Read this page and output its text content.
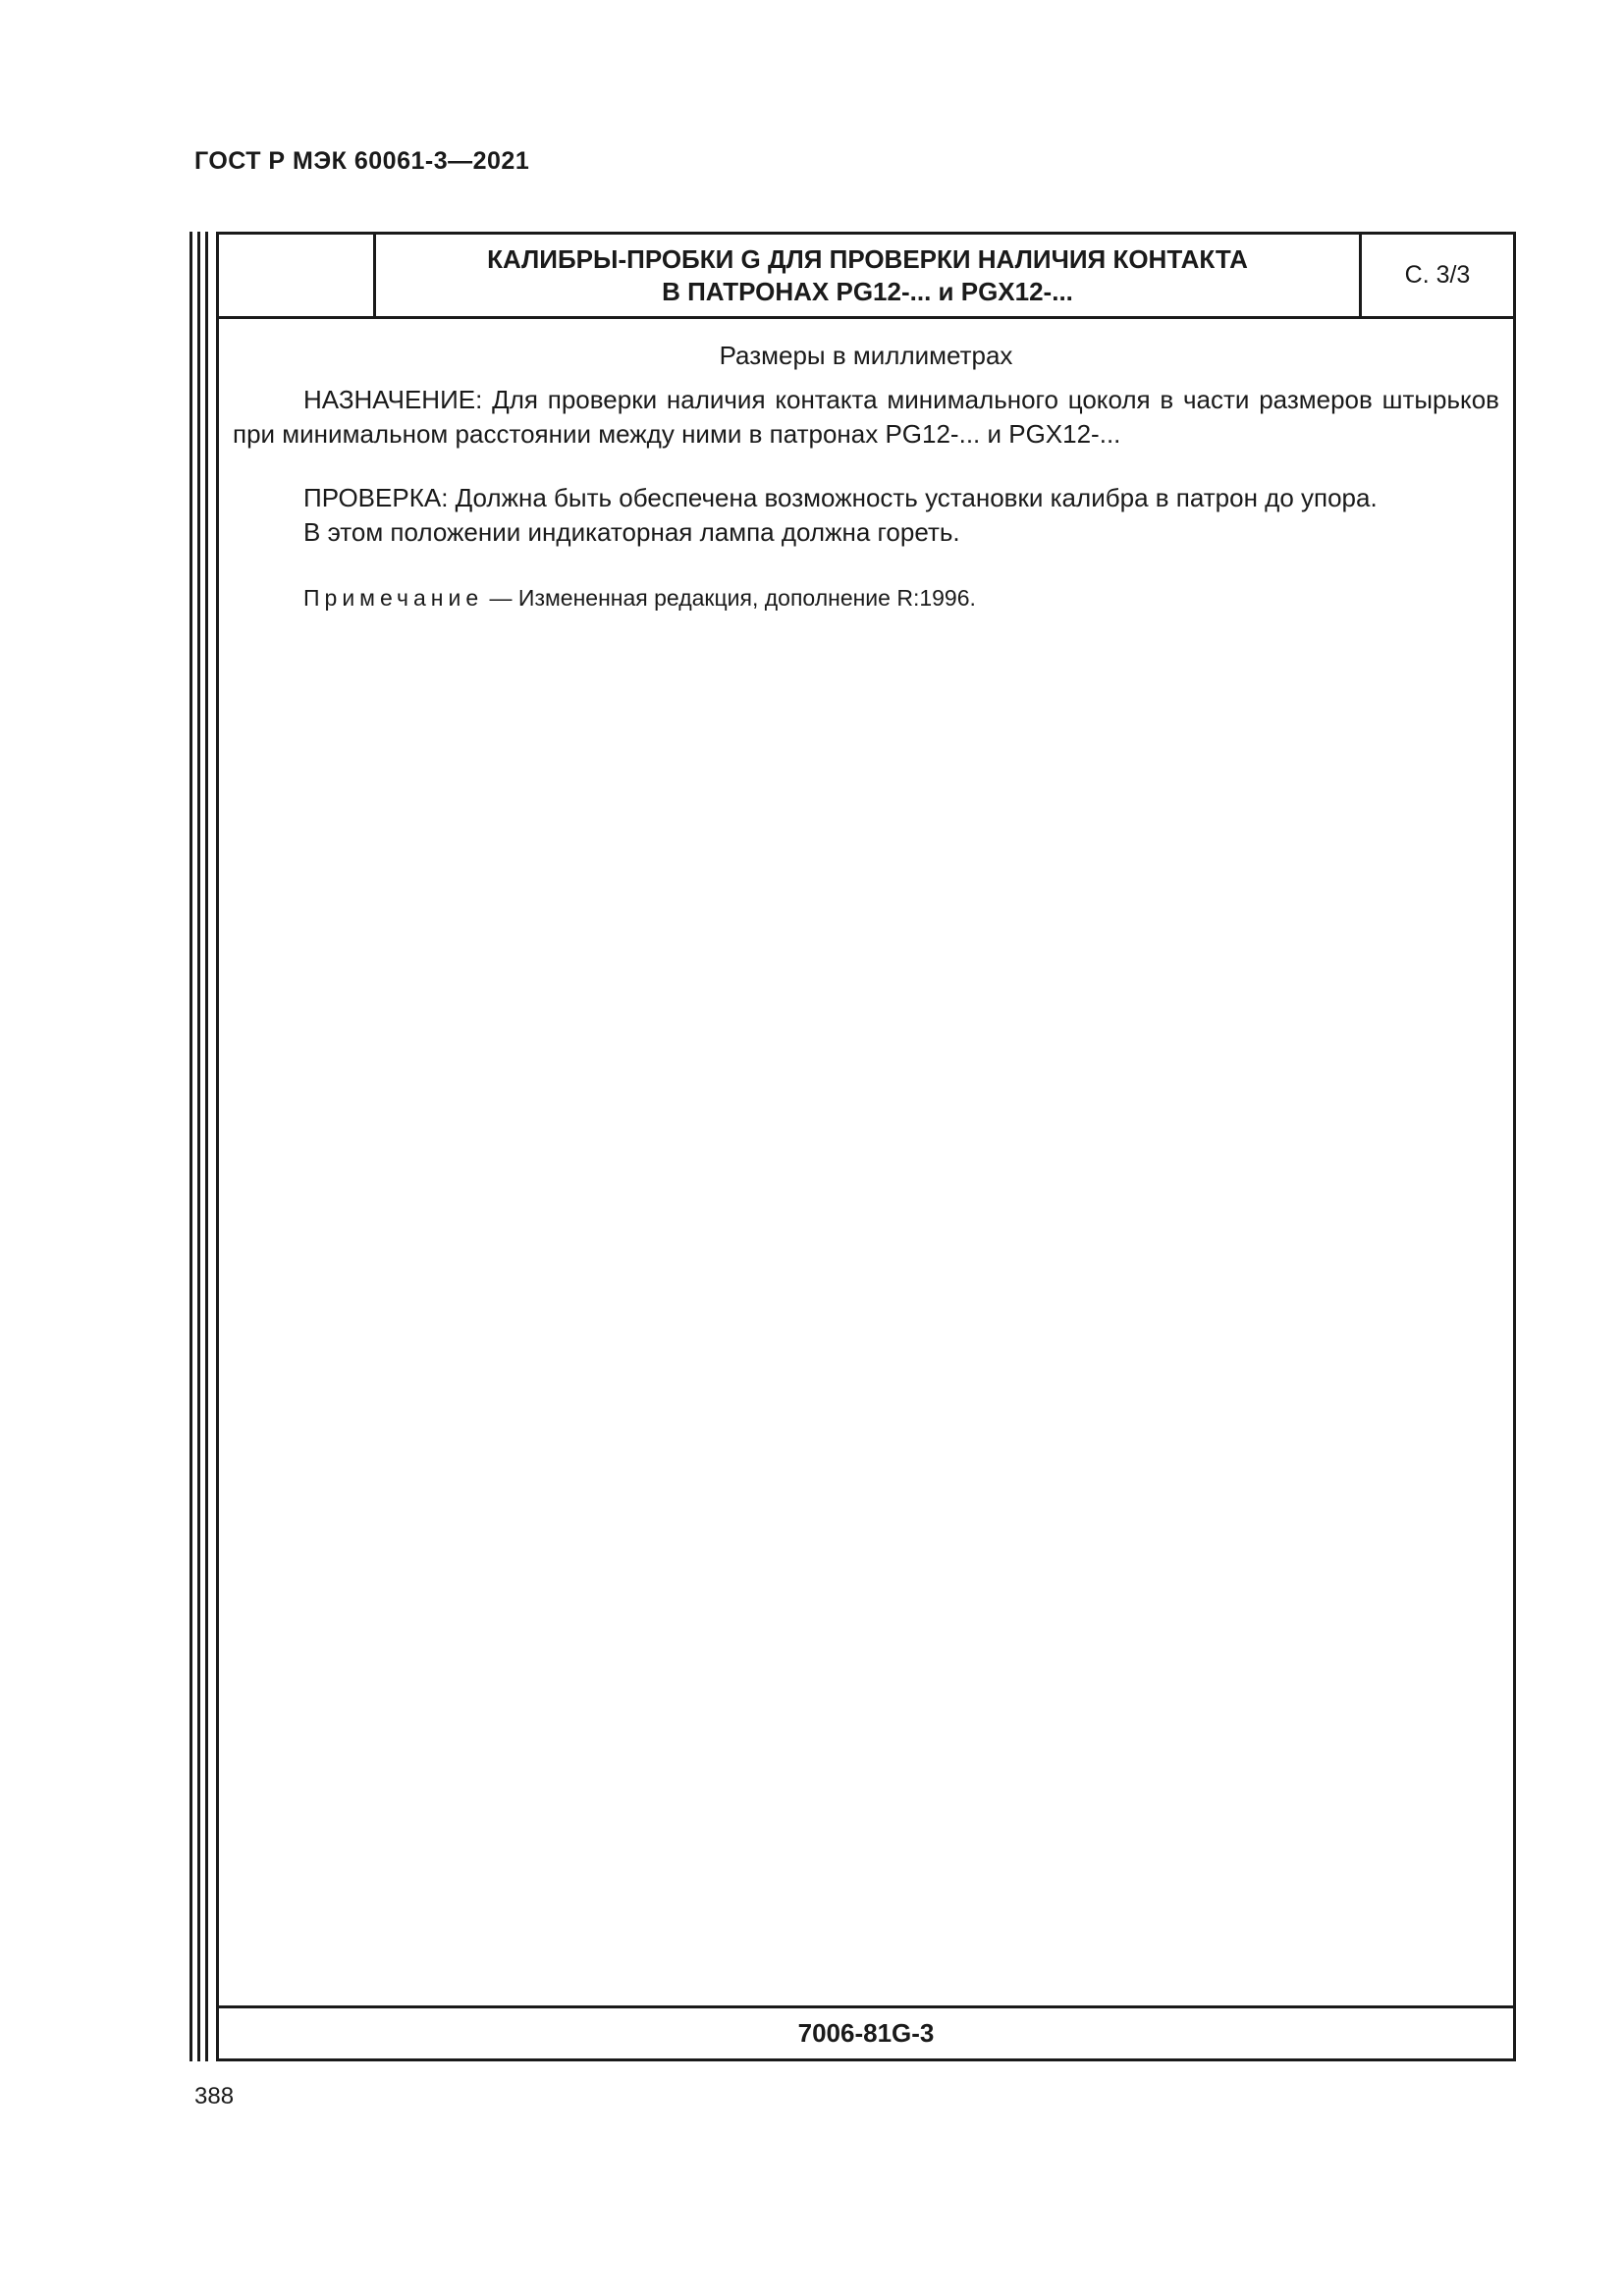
ГОСТ Р МЭК 60061-3—2021
КАЛИБРЫ-ПРОБКИ G ДЛЯ ПРОВЕРКИ НАЛИЧИЯ КОНТАКТА
В ПАТРОНАХ PG12-... и PGX12-...
С. 3/3
Размеры в миллиметрах

НАЗНАЧЕНИЕ: Для проверки наличия контакта минимального цоколя в части размеров штырьков при минимальном расстоянии между ними в патронах PG12-... и PGX12-...

ПРОВЕРКА: Должна быть обеспечена возможность установки калибра в патрон до упора.
В этом положении индикаторная лампа должна гореть.
Примечание — Измененная редакция, дополнение R:1996.
7006-81G-3
388
